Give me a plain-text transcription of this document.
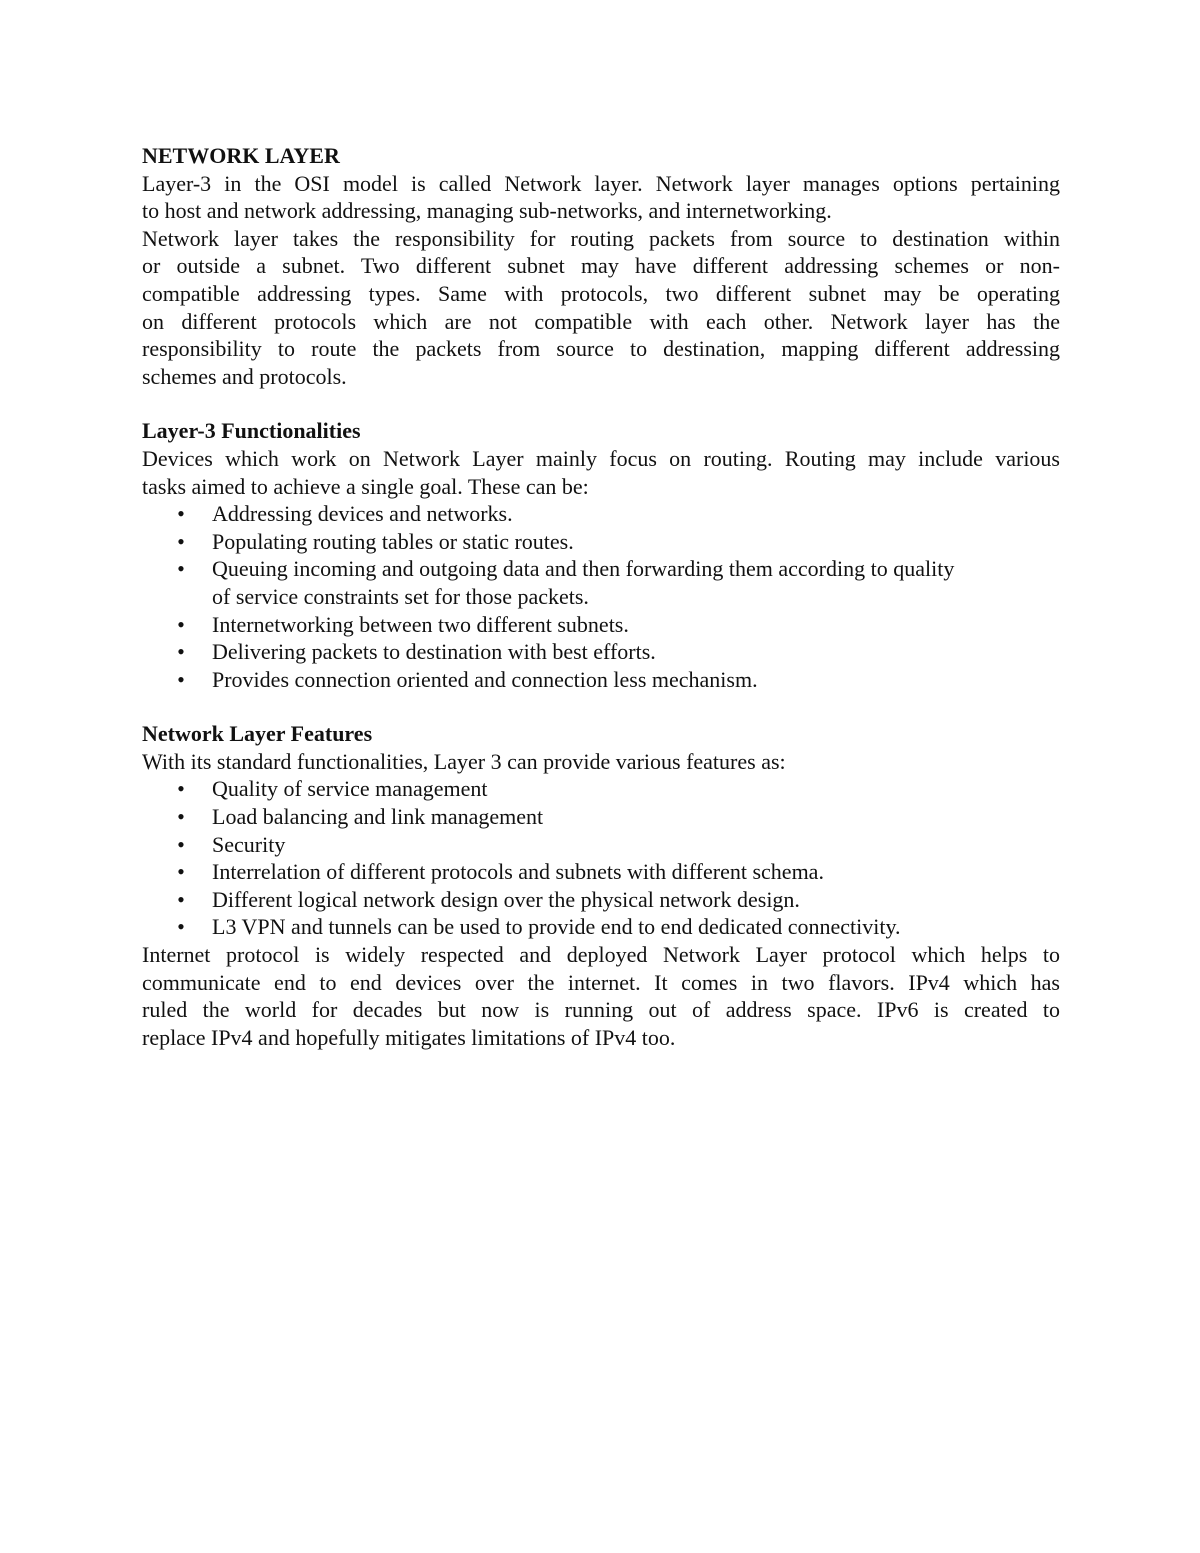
NETWORK LAYER
Layer-3 in the OSI model is called Network layer. Network layer manages options pertaining
to host and network addressing, managing sub-networks, and internetworking.
Network layer takes the responsibility for routing packets from source to destination within
or outside a subnet. Two different subnet may have different addressing schemes or non-
compatible addressing types. Same with protocols, two different subnet may be operating
on different protocols which are not compatible with each other. Network layer has the
responsibility to route the packets from source to destination, mapping different addressing
schemes and protocols.
Layer-3 Functionalities
Devices which work on Network Layer mainly focus on routing. Routing may include various
tasks aimed to achieve a single goal. These can be:
• Addressing devices and networks.
• Populating routing tables or static routes.
• Queuing incoming and outgoing data and then forwarding them according to quality
of service constraints set for those packets.
• Internetworking between two different subnets.
• Delivering packets to destination with best efforts.
• Provides connection oriented and connection less mechanism.
Network Layer Features
With its standard functionalities, Layer 3 can provide various features as:
• Quality of service management
• Load balancing and link management
• Security
• Interrelation of different protocols and subnets with different schema.
• Different logical network design over the physical network design.
• L3 VPN and tunnels can be used to provide end to end dedicated connectivity.
Internet protocol is widely respected and deployed Network Layer protocol which helps to
communicate end to end devices over the internet. It comes in two flavors. IPv4 which has
ruled the world for decades but now is running out of address space. IPv6 is created to
replace IPv4 and hopefully mitigates limitations of IPv4 too.
